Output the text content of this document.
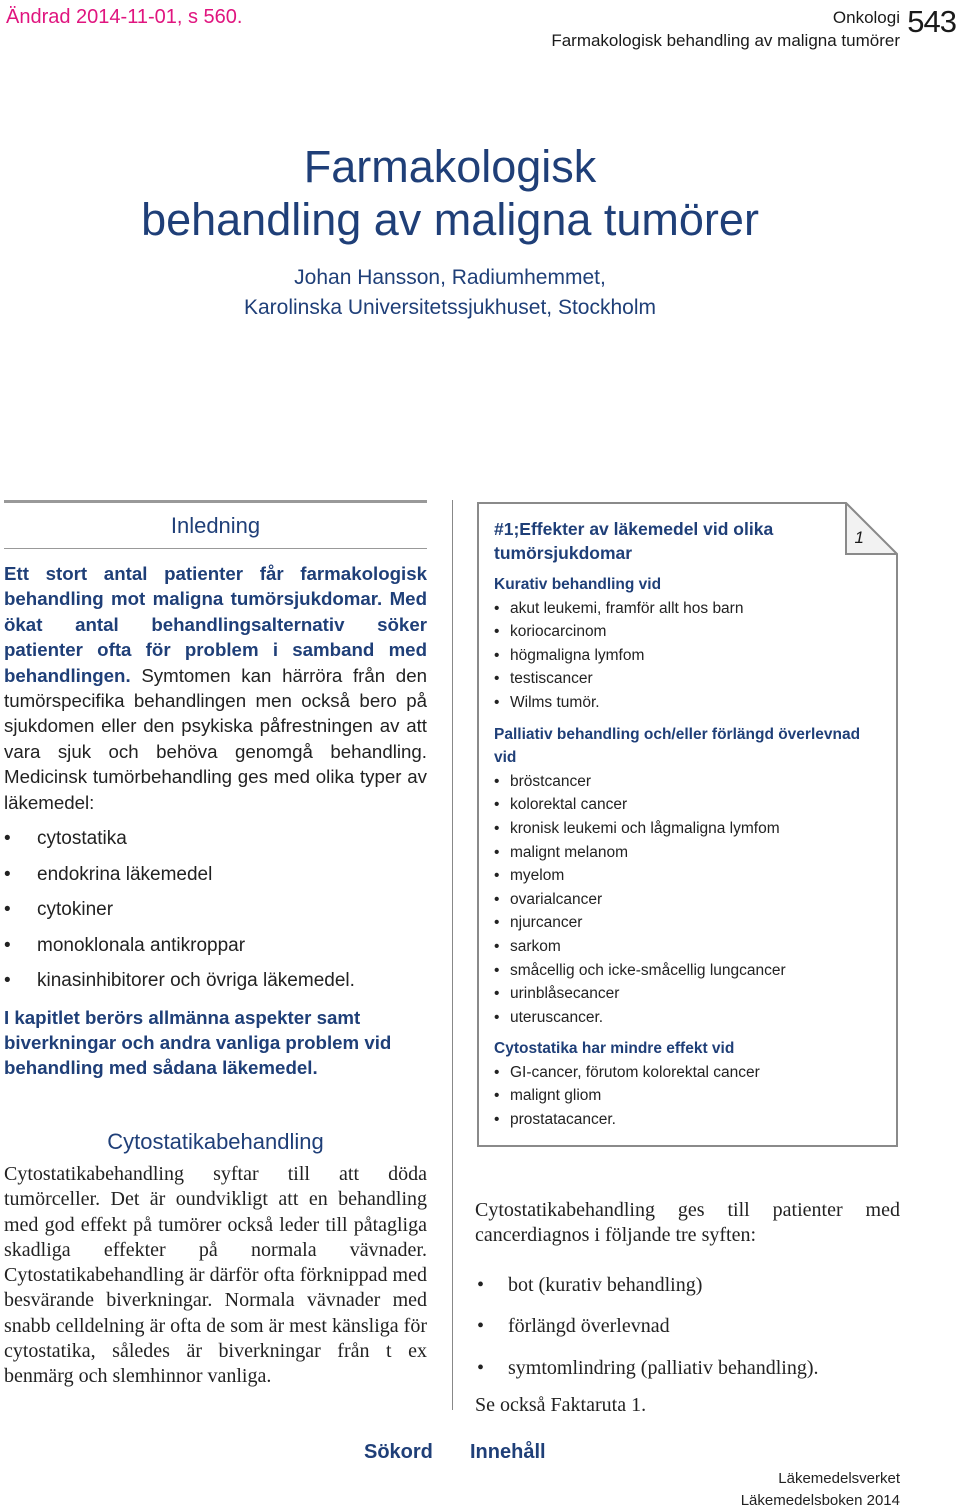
Ändrad 2014-11-01, s 560.	Onkologi
Farmakologisk behandling av maligna tumörer
543
Farmakologisk
behandling av maligna tumörer
Johan Hansson, Radiumhemmet,
Karolinska Universitetssjukhuset, Stockholm
Inledning

Ett stort antal patienter får farmakologisk behandling mot maligna tumörsjukdomar. Med ökat antal behandlingsalternativ söker patienter ofta för problem i samband med behandlingen. Symtomen kan härröra från den tumörspecifika behandlingen men också bero på sjukdomen eller den psykiska påfrestningen av att vara sjuk och behöva genomgå behandling. Medicinsk tumörbehandling ges med olika typer av läkemedel:

• cytostatika
• endokrina läkemedel
• cytokiner
• monoklonala antikroppar
• kinasinhibitorer och övriga läkemedel.

I kapitlet berörs allmänna aspekter samt biverkningar och andra vanliga problem vid behandling med sådana läkemedel.

Cytostatikabehandling
Cytostatikabehandling syftar till att döda tumörceller. Det är oundvikligt att en behandling med god effekt på tumörer också leder till påtagliga skadliga effekter på normala vävnader. Cytostatikabehandling är därför ofta förknippad med besvärande biverkningar. Normala vävnader med snabb celldelning är ofta de som är mest känsliga för cytostatika, således är biverkningar från t ex benmärg och slemhinnor vanliga.
1
#1;Effekter av läkemedel vid olika tumörsjukdomar
Kurativ behandling vid
• akut leukemi, framför allt hos barn
• koriocarcinom
• högmaligna lymfom
• testiscancer
• Wilms tumör.
Palliativ behandling och/eller förlängd överlevnad vid
• bröstcancer
• kolorektal cancer
• kronisk leukemi och lågmaligna lymfom
• malignt melanom
• myelom
• ovarialcancer
• njurcancer
• sarkom
• småcellig och icke-småcellig lungcancer
• urinblåsecancer
• uteruscancer.
Cytostatika har mindre effekt vid
• GI-cancer, förutom kolorektal cancer
• malignt gliom
• prostatacancer.
Cytostatikabehandling ges till patienter med cancerdiagnos i följande tre syften:
• bot (kurativ behandling)
• förlängd överlevnad
• symtomlindring (palliativ behandling).
Se också Faktaruta 1.
Sökord Innehåll
Läkemedelsverket
Läkemedelsboken 2014
